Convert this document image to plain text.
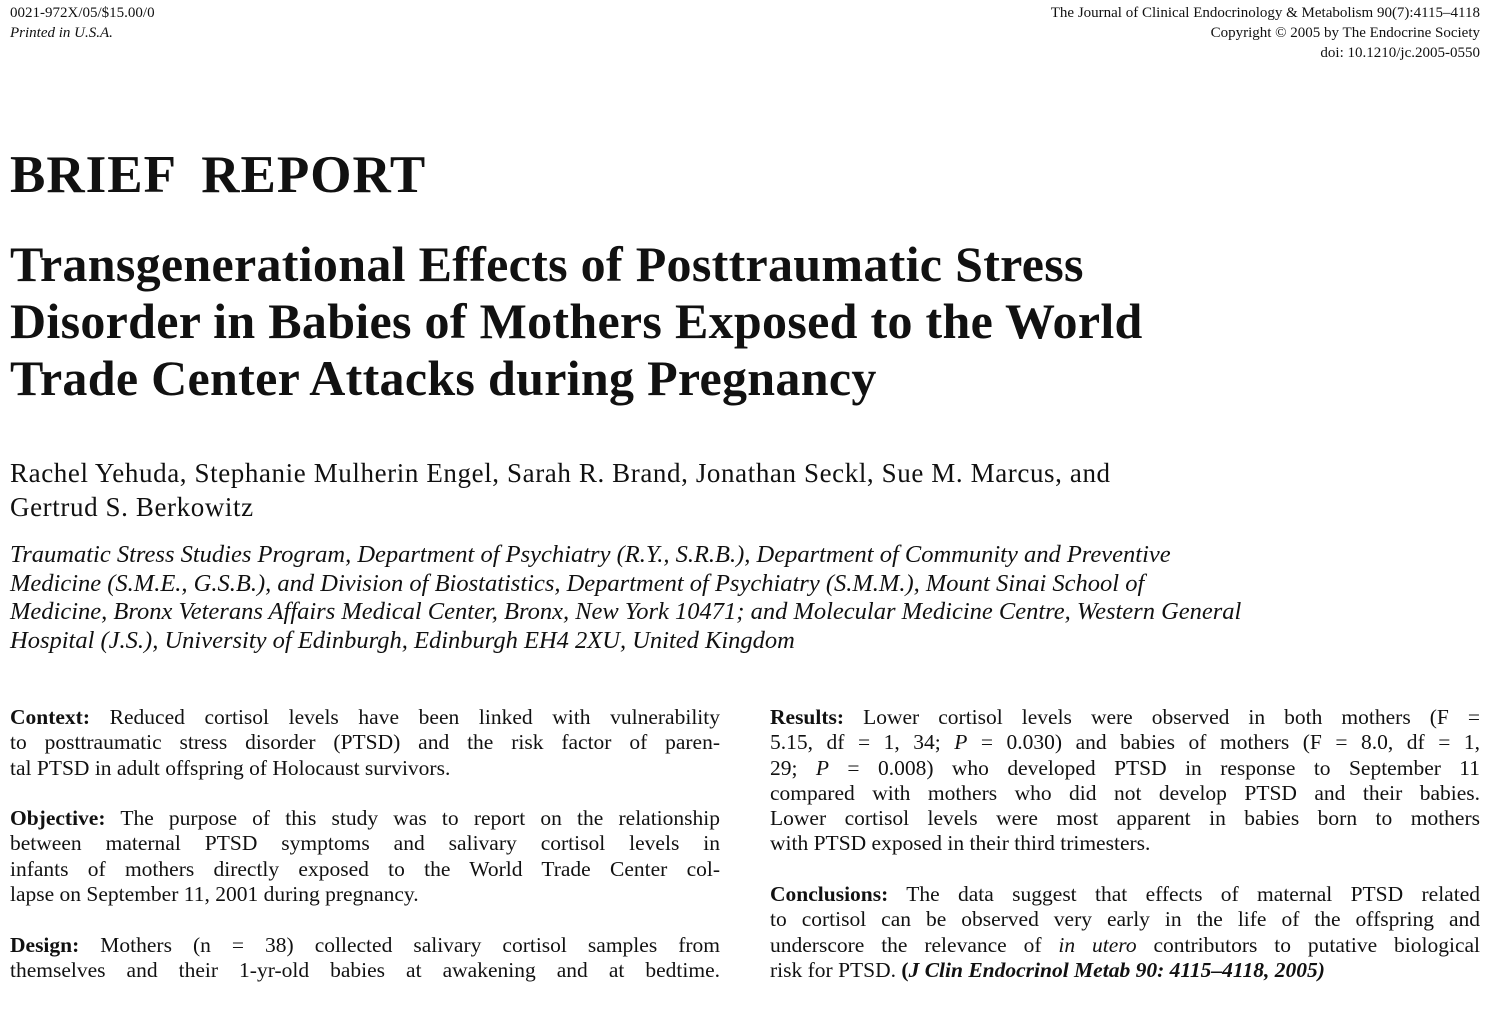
0021-972X/05/$15.00/0
Printed in U.S.A.
The Journal of Clinical Endocrinology & Metabolism 90(7):4115–4118
Copyright © 2005 by The Endocrine Society
doi: 10.1210/jc.2005-0550
BRIEF REPORT
Transgenerational Effects of Posttraumatic Stress
Disorder in Babies of Mothers Exposed to the World
Trade Center Attacks during Pregnancy
Rachel Yehuda, Stephanie Mulherin Engel, Sarah R. Brand, Jonathan Seckl, Sue M. Marcus, and
Gertrud S. Berkowitz
Traumatic Stress Studies Program, Department of Psychiatry (R.Y., S.R.B.), Department of Community and Preventive
Medicine (S.M.E., G.S.B.), and Division of Biostatistics, Department of Psychiatry (S.M.M.), Mount Sinai School of
Medicine, Bronx Veterans Affairs Medical Center, Bronx, New York 10471; and Molecular Medicine Centre, Western General
Hospital (J.S.), University of Edinburgh, Edinburgh EH4 2XU, United Kingdom
Context: Reduced cortisol levels have been linked with vulnerability
to posttraumatic stress disorder (PTSD) and the risk factor of paren-
tal PTSD in adult offspring of Holocaust survivors.
Objective: The purpose of this study was to report on the relationship
between maternal PTSD symptoms and salivary cortisol levels in
infants of mothers directly exposed to the World Trade Center col-
lapse on September 11, 2001 during pregnancy.
Design: Mothers (n = 38) collected salivary cortisol samples from
themselves and their 1-yr-old babies at awakening and at bedtime.
Results: Lower cortisol levels were observed in both mothers (F =
5.15, df = 1, 34; P = 0.030) and babies of mothers (F = 8.0, df = 1,
29; P = 0.008) who developed PTSD in response to September 11
compared with mothers who did not develop PTSD and their babies.
Lower cortisol levels were most apparent in babies born to mothers
with PTSD exposed in their third trimesters.
Conclusions: The data suggest that effects of maternal PTSD related
to cortisol can be observed very early in the life of the offspring and
underscore the relevance of in utero contributors to putative biological
risk for PTSD. (J Clin Endocrinol Metab 90: 4115–4118, 2005)
